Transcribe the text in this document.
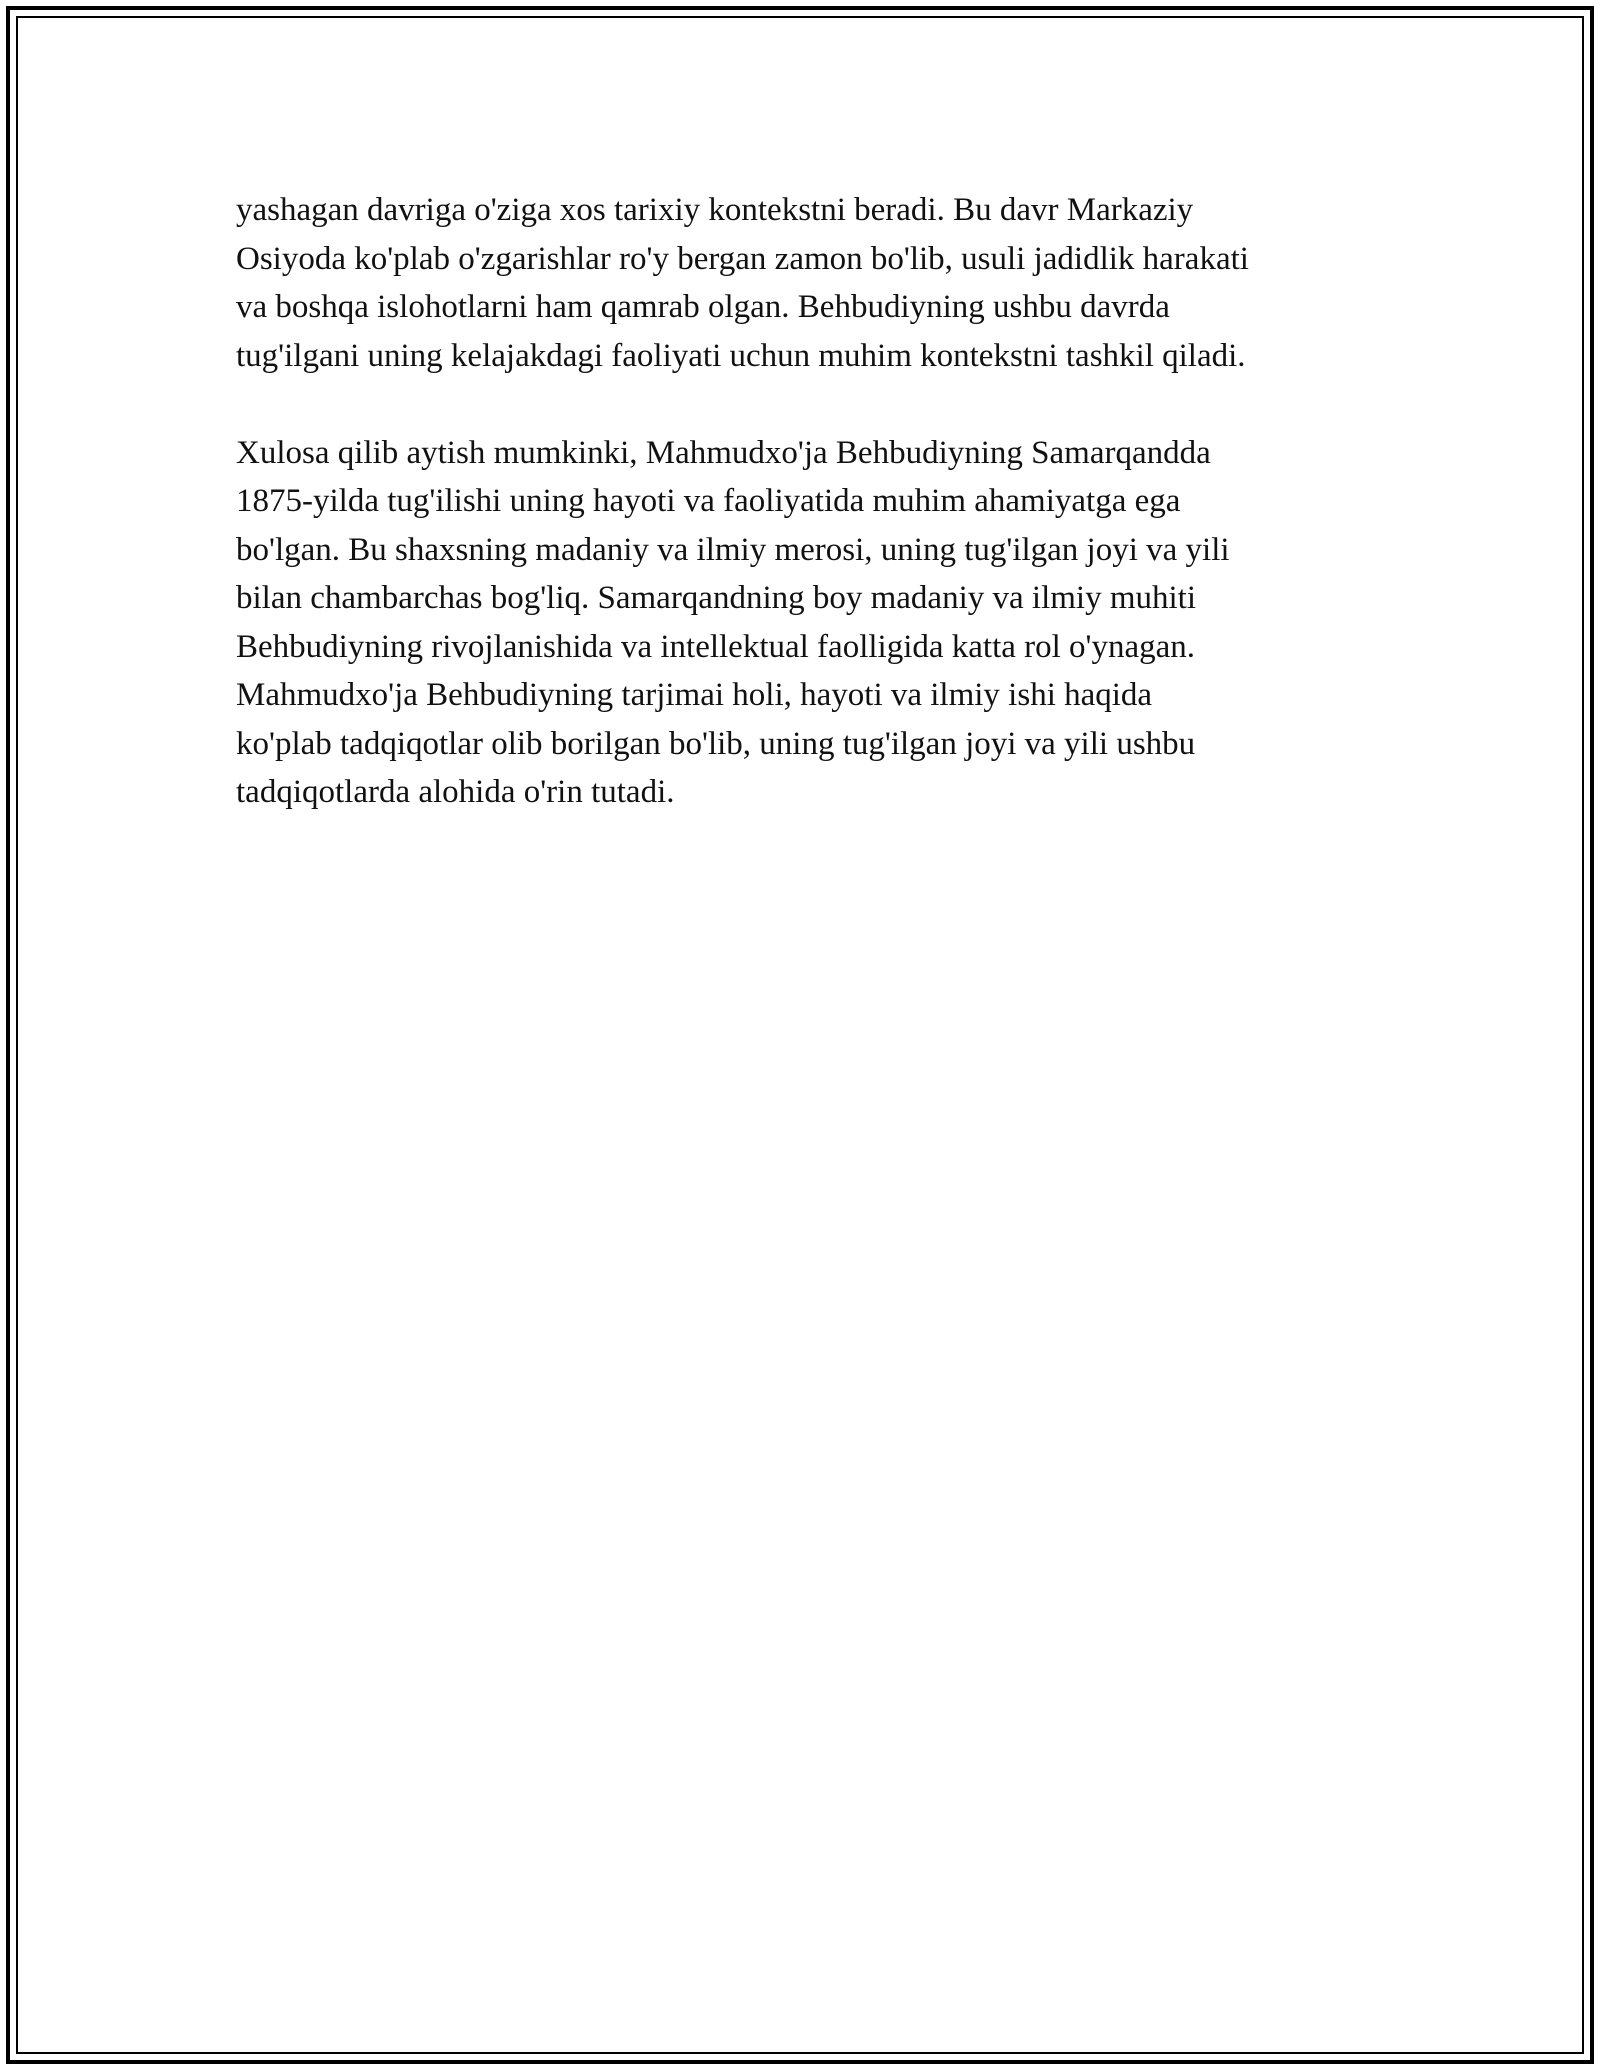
yashagan davriga o'ziga xos tarixiy kontekstni beradi. Bu davr Markaziy
Osiyoda ko'plab o'zgarishlar ro'y bergan zamon bo'lib, usuli jadidlik harakati
va boshqa islohotlarni ham qamrab olgan. Behbudiyning ushbu davrda
tug'ilgani uning kelajakdagi faoliyati uchun muhim kontekstni tashkil qiladi.
Xulosa qilib aytish mumkinki, Mahmudxo'ja Behbudiyning Samarqandda
1875-yilda tug'ilishi uning hayoti va faoliyatida muhim ahamiyatga ega
bo'lgan. Bu shaxsning madaniy va ilmiy merosi, uning tug'ilgan joyi va yili
bilan chambarchas bog'liq. Samarqandning boy madaniy va ilmiy muhiti
Behbudiyning rivojlanishida va intellektual faolligida katta rol o'ynagan.
Mahmudxo'ja Behbudiyning tarjimai holi, hayoti va ilmiy ishi haqida
ko'plab tadqiqotlar olib borilgan bo'lib, uning tug'ilgan joyi va yili ushbu
tadqiqotlarda alohida o'rin tutadi.
